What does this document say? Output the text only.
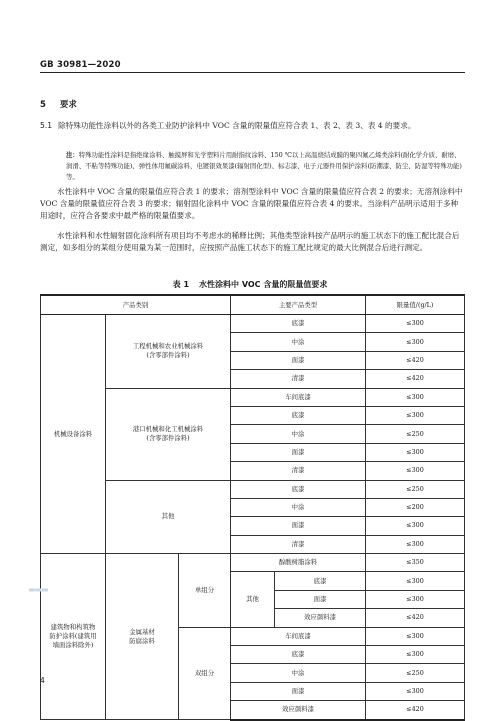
GB 30981—2020
5 要求
5.1 除特殊功能性涂料以外的各类工业防护涂料中 VOC 含量的限量值应符合表 1、表 2、表 3、表 4 的要求。
注：特殊功能性涂料是指绝缘涂料、触摸屏和光学塑料片用耐指纹涂料、150 ℃以上高温烧结成膜的聚四氟乙烯类涂料(耐化学介质、耐磨、润滑、不粘等特殊功能)、弹性体用氟碳涂料、电镀银效果漆(辐射固化型)、标志漆、电子元器件用保护涂料(防潮漆、防尘、防湿等特殊功能)等。
水性涂料中 VOC 含量的限量值应符合表 1 的要求；溶剂型涂料中 VOC 含量的限量值应符合表 2 的要求；无溶剂涂料中 VOC 含量的限量值应符合表 3 的要求；辐射固化涂料中 VOC 含量的限量值应符合表 4 的要求。当涂料产品明示适用于多种用途时，应符合各要求中最严格的限量值要求。
水性涂料和水性辐射固化涂料所有项目均不考虑水的稀释比例；其他类型涂料按产品明示的施工状态下的施工配比混合后测定，如多组分的某组分使用量为某一范围时，应按照产品施工状态下的施工配比规定的最大比例混合后进行测定。
表 1 水性涂料中 VOC 含量的限量值要求
产品类别			主要产品类型		限量值/(g/L)
机械设备涂料	工程机械和农业机械涂料
(含零部件涂料)		底漆		≤300
			中涂		≤300
			面漆		≤420
			清漆		≤420
	港口机械和化工机械涂料
(含零部件涂料)		车间底漆		≤300
			底漆		≤300
			中涂		≤250
			面漆		≤300
			清漆		≤300
	其他		底漆		≤250
			中涂		≤200
			面漆		≤300
			清漆		≤300
建筑物和构筑物
防护涂料(建筑用
墙面涂料除外)	金属基材
防腐涂料	单组分	醇酸树脂涂料		≤350
			其他	底漆	≤300
				面漆	≤300
				效应颜料漆	≤420
		双组分	车间底漆		≤300
			底漆		≤300
			中涂		≤250
			面漆		≤300
			效应颜料漆		≤420
▬▬▬
4
